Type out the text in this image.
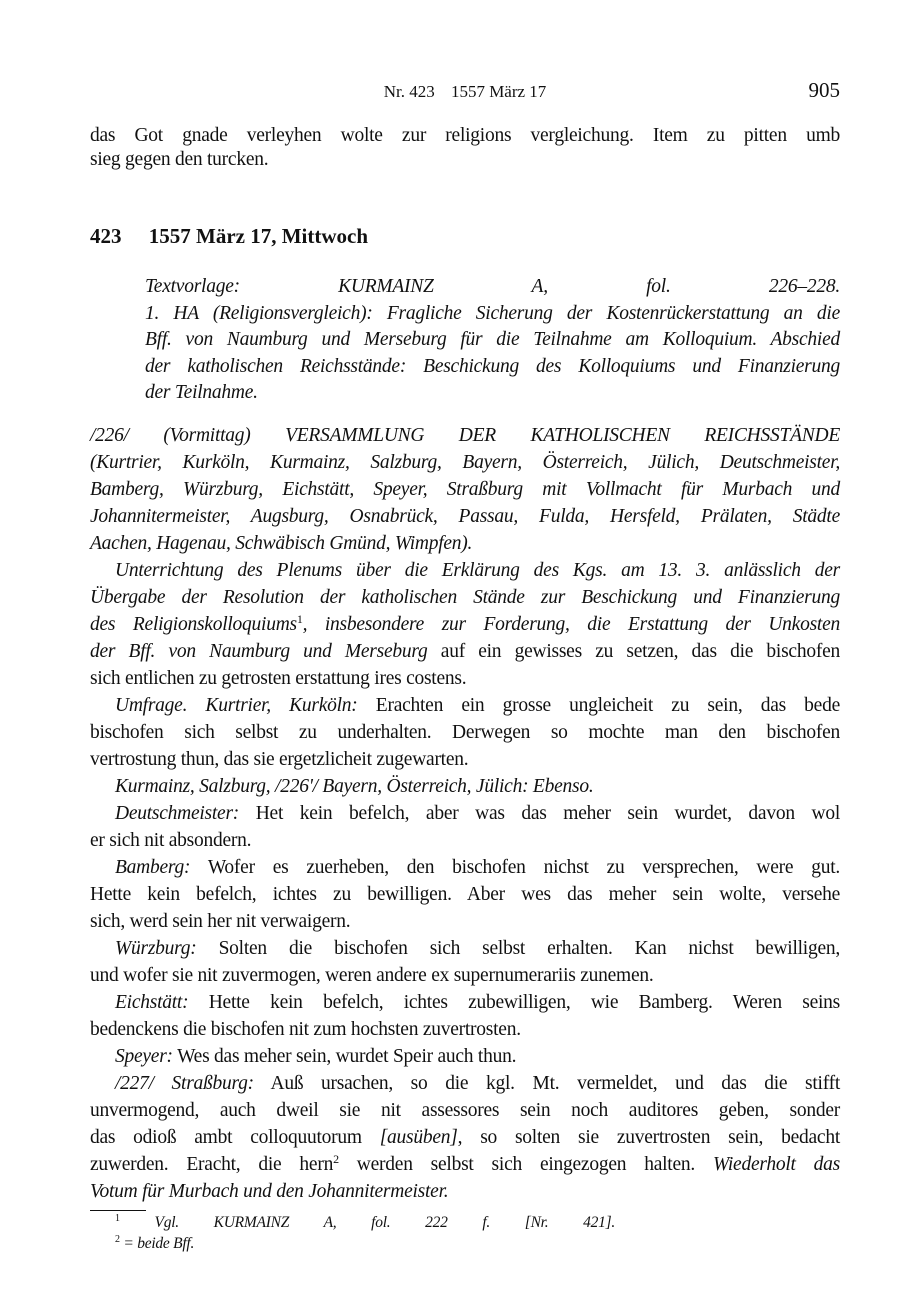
Nr. 423 1557 März 17	905
das Got gnade verleyhen wolte zur religions vergleichung. Item zu pitten umb
sieg gegen den turcken.
423 1557 März 17, Mittwoch
Textvorlage: KURMAINZ A, fol. 226–228.
1. HA (Religionsvergleich): Fragliche Sicherung der Kostenrückerstattung an die
Bff. von Naumburg und Merseburg für die Teilnahme am Kolloquium. Abschied
der katholischen Reichsstände: Beschickung des Kolloquiums und Finanzierung
der Teilnahme.
/226/ (Vormittag) VERSAMMLUNG DER KATHOLISCHEN REICHSSTÄNDE
(Kurtrier, Kurköln, Kurmainz, Salzburg, Bayern, Österreich, Jülich, Deutschmeister,
Bamberg, Würzburg, Eichstätt, Speyer, Straßburg mit Vollmacht für Murbach und
Johannitermeister, Augsburg, Osnabrück, Passau, Fulda, Hersfeld, Prälaten, Städte
Aachen, Hagenau, Schwäbisch Gmünd, Wimpfen).
Unterrichtung des Plenums über die Erklärung des Kgs. am 13. 3. anlässlich der
Übergabe der Resolution der katholischen Stände zur Beschickung und Finanzierung
des Religionskolloquiums$^1$, insbesondere zur Forderung, die Erstattung der Unkosten
der Bff. von Naumburg und Merseburg auf ein gewisses zu setzen, das die bischofen
sich entlichen zu getrosten erstattung ires costens.
Umfrage. Kurtrier, Kurköln: Erachten ein grosse ungleicheit zu sein, das bede
bischofen sich selbst zu underhalten. Derwegen so mochte man den bischofen
vertrostung thun, das sie ergetzlicheit zugewarten.
Kurmainz, Salzburg, /226'/ Bayern, Österreich, Jülich: Ebenso.
Deutschmeister: Het kein befelch, aber was das meher sein wurdet, davon wol
er sich nit absondern.
Bamberg: Wofer es zuerheben, den bischofen nichst zu versprechen, were gut.
Hette kein befelch, ichtes zu bewilligen. Aber wes das meher sein wolte, versehe
sich, werd sein her nit verwaigern.
Würzburg: Solten die bischofen sich selbst erhalten. Kan nichst bewilligen,
und wofer sie nit zuvermogen, weren andere ex supernumerariis zunemen.
Eichstätt: Hette kein befelch, ichtes zubewilligen, wie Bamberg. Weren seins
bedenckens die bischofen nit zum hochsten zuvertrosten.
Speyer: Wes das meher sein, wurdet Speir auch thun.
/227/ Straßburg: Auß ursachen, so die kgl. Mt. vermeldet, und das die stifft
unvermogend, auch dweil sie nit assessores sein noch auditores geben, sonder
das odioß ambt colloquutorum [ausüben], so solten sie zuvertrosten sein, bedacht
zuwerden. Eracht, die hern$^2$ werden selbst sich eingezogen halten. Wiederholt das
Votum für Murbach und den Johannitermeister.
$^1$ Vgl. KURMAINZ A, fol. 222 f. [Nr. 421].
$^2$ = beide Bff.
